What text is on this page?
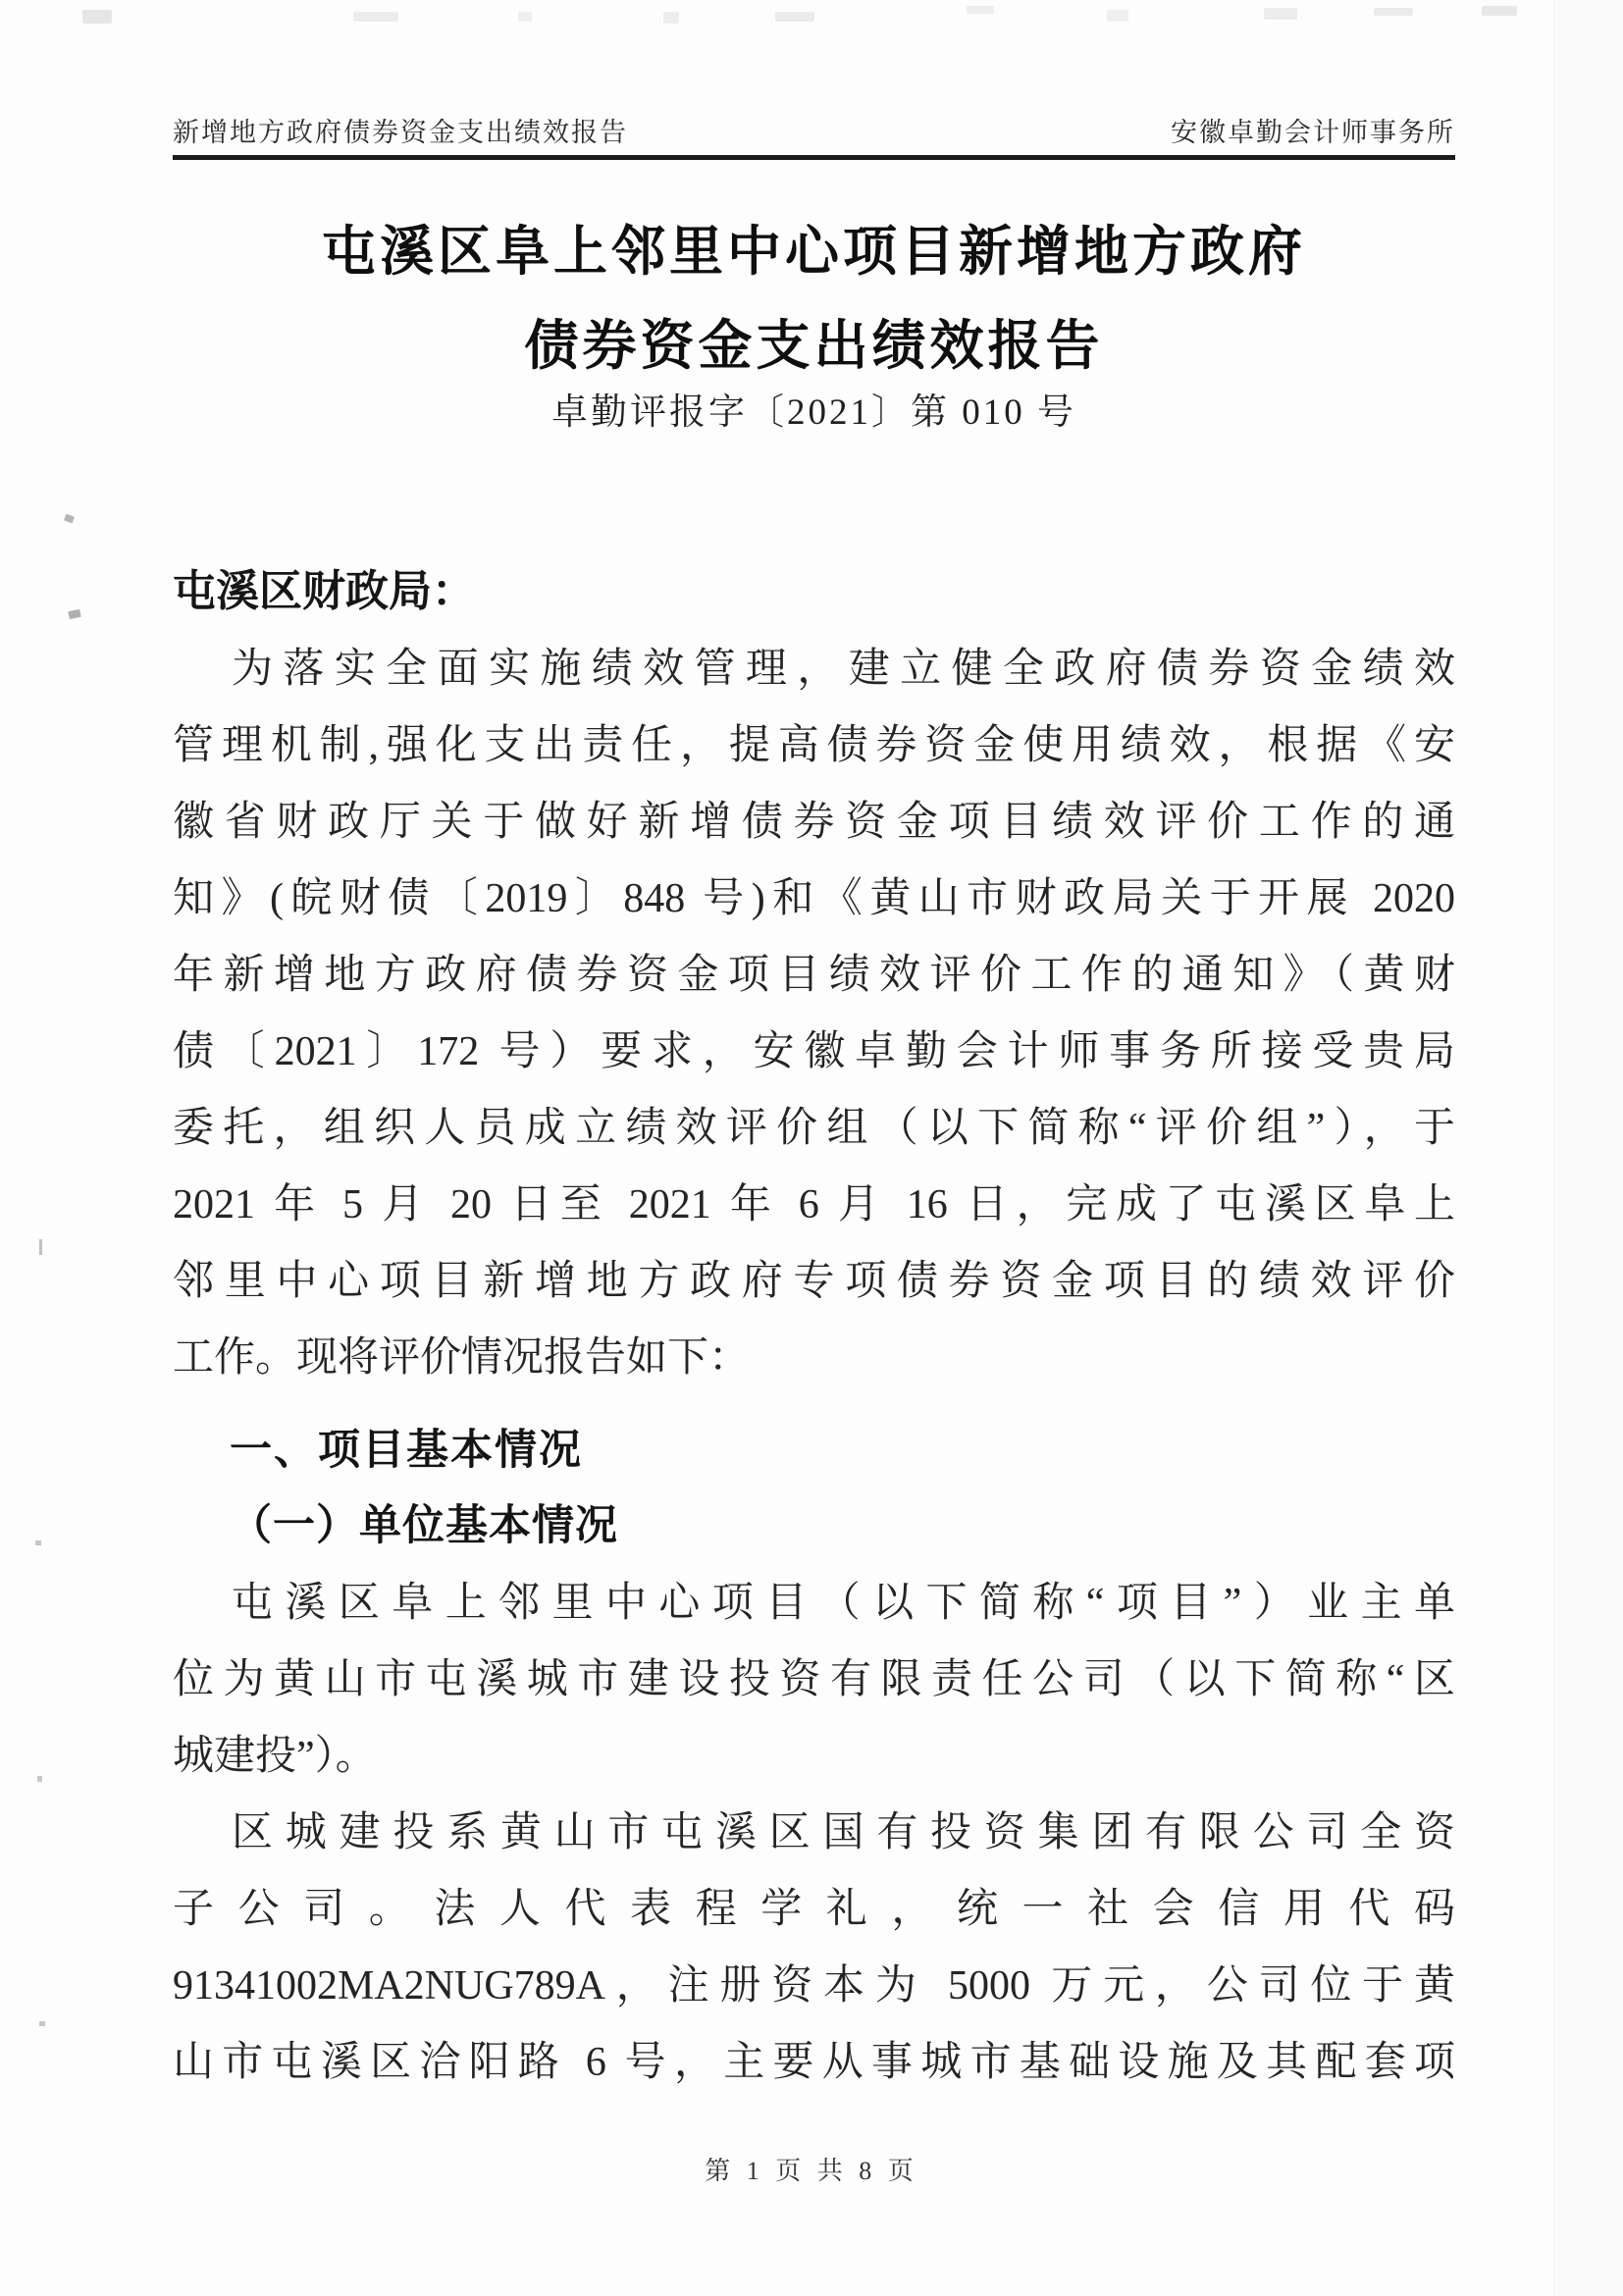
新增地方政府债券资金支出绩效报告	安徽卓勤会计师事务所
屯溪区阜上邻里中心项目新增地方政府
债券资金支出绩效报告
卓勤评报字〔2021〕第 010 号
屯溪区财政局：
为落实全面实施绩效管理，建立健全政府债券资金绩效
管理机制,强化支出责任，提高债券资金使用绩效，根据《安
徽省财政厅关于做好新增债券资金项目绩效评价工作的通
知》(皖财债〔2019〕848 号)和《黄山市财政局关于开展 2020
年新增地方政府债券资金项目绩效评价工作的通知》（黄财
债〔2021〕172 号）要求，安徽卓勤会计师事务所接受贵局
委托，组织人员成立绩效评价组（以下简称“评价组”），于
2021 年 5 月 20 日至 2021 年 6 月 16 日，完成了屯溪区阜上
邻里中心项目新增地方政府专项债券资金项目的绩效评价
工作。现将评价情况报告如下：
一、项目基本情况
（一）单位基本情况
屯溪区阜上邻里中心项目（以下简称“项目”）业主单
位为黄山市屯溪城市建设投资有限责任公司（以下简称“区
城建投”）。
区城建投系黄山市屯溪区国有投资集团有限公司全资
子公司。法人代表程学礼，统一社会信用代码
91341002MA2NUG789A，注册资本为 5000 万元，公司位于黄
山市屯溪区洽阳路 6 号，主要从事城市基础设施及其配套项
第 1 页 共 8 页
